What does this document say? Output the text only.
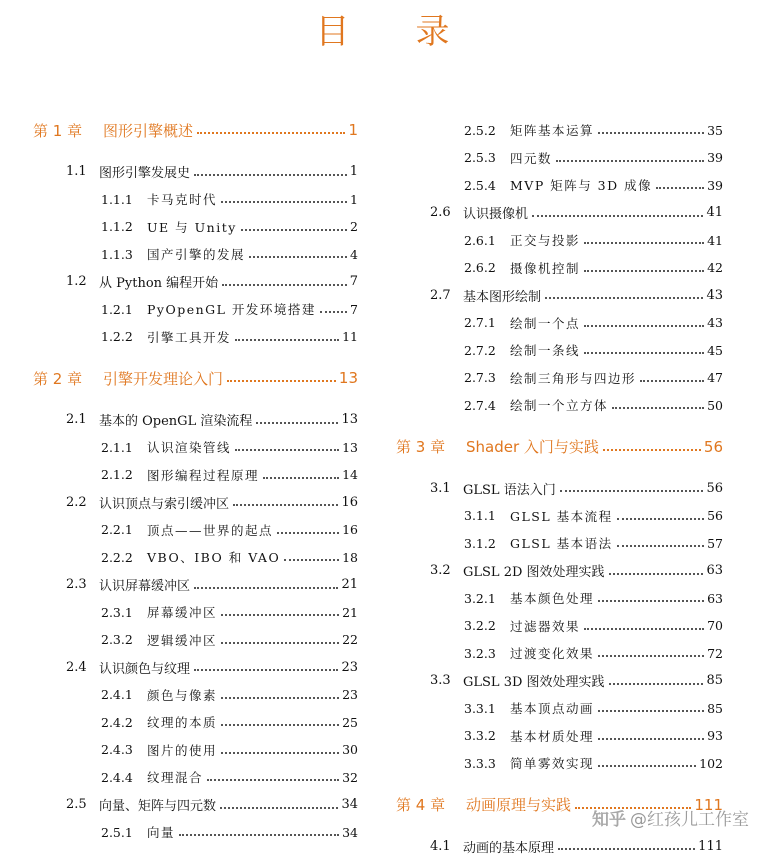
目录
第 1 章	图形引擎概述	1
1.1 图形引擎发展史	1
1.1.1	卡马克时代	1
1.1.2	UE 与 Unity	2
1.1.3	国产引擎的发展	4
1.2 从 Python 编程开始	7
1.2.1	PyOpenGL 开发环境搭建	7
1.2.2	引擎工具开发	11
第 2 章	引擎开发理论入门	13
2.1 基本的 OpenGL 渲染流程	13
2.1.1	认识渲染管线	13
2.1.2	图形编程过程原理	14
2.2 认识顶点与索引缓冲区	16
2.2.1	顶点——世界的起点	16
2.2.2	VBO、IBO 和 VAO	18
2.3 认识屏幕缓冲区	21
2.3.1	屏幕缓冲区	21
2.3.2	逻辑缓冲区	22
2.4 认识颜色与纹理	23
2.4.1	颜色与像素	23
2.4.2	纹理的本质	25
2.4.3	图片的使用	30
2.4.4	纹理混合	32
2.5 向量、矩阵与四元数	34
2.5.1	向量	34
2.5.2	矩阵基本运算	35
2.5.3	四元数	39
2.5.4	MVP 矩阵与 3D 成像	39
2.6 认识摄像机	41
2.6.1	正交与投影	41
2.6.2	摄像机控制	42
2.7 基本图形绘制	43
2.7.1	绘制一个点	43
2.7.2	绘制一条线	45
2.7.3	绘制三角形与四边形	47
2.7.4	绘制一个立方体	50
第 3 章	Shader 入门与实践	56
3.1 GLSL 语法入门	56
3.1.1	GLSL 基本流程	56
3.1.2	GLSL 基本语法	57
3.2 GLSL 2D 图效处理实践	63
3.2.1	基本颜色处理	63
3.2.2	过滤器效果	70
3.2.3	过渡变化效果	72
3.3 GLSL 3D 图效处理实践	85
3.3.1	基本顶点动画	85
3.3.2	基本材质处理	93
3.3.3	简单雾效实现	102
第 4 章	动画原理与实践	111
4.1 动画的基本原理	111
知乎 @红孩儿工作室
